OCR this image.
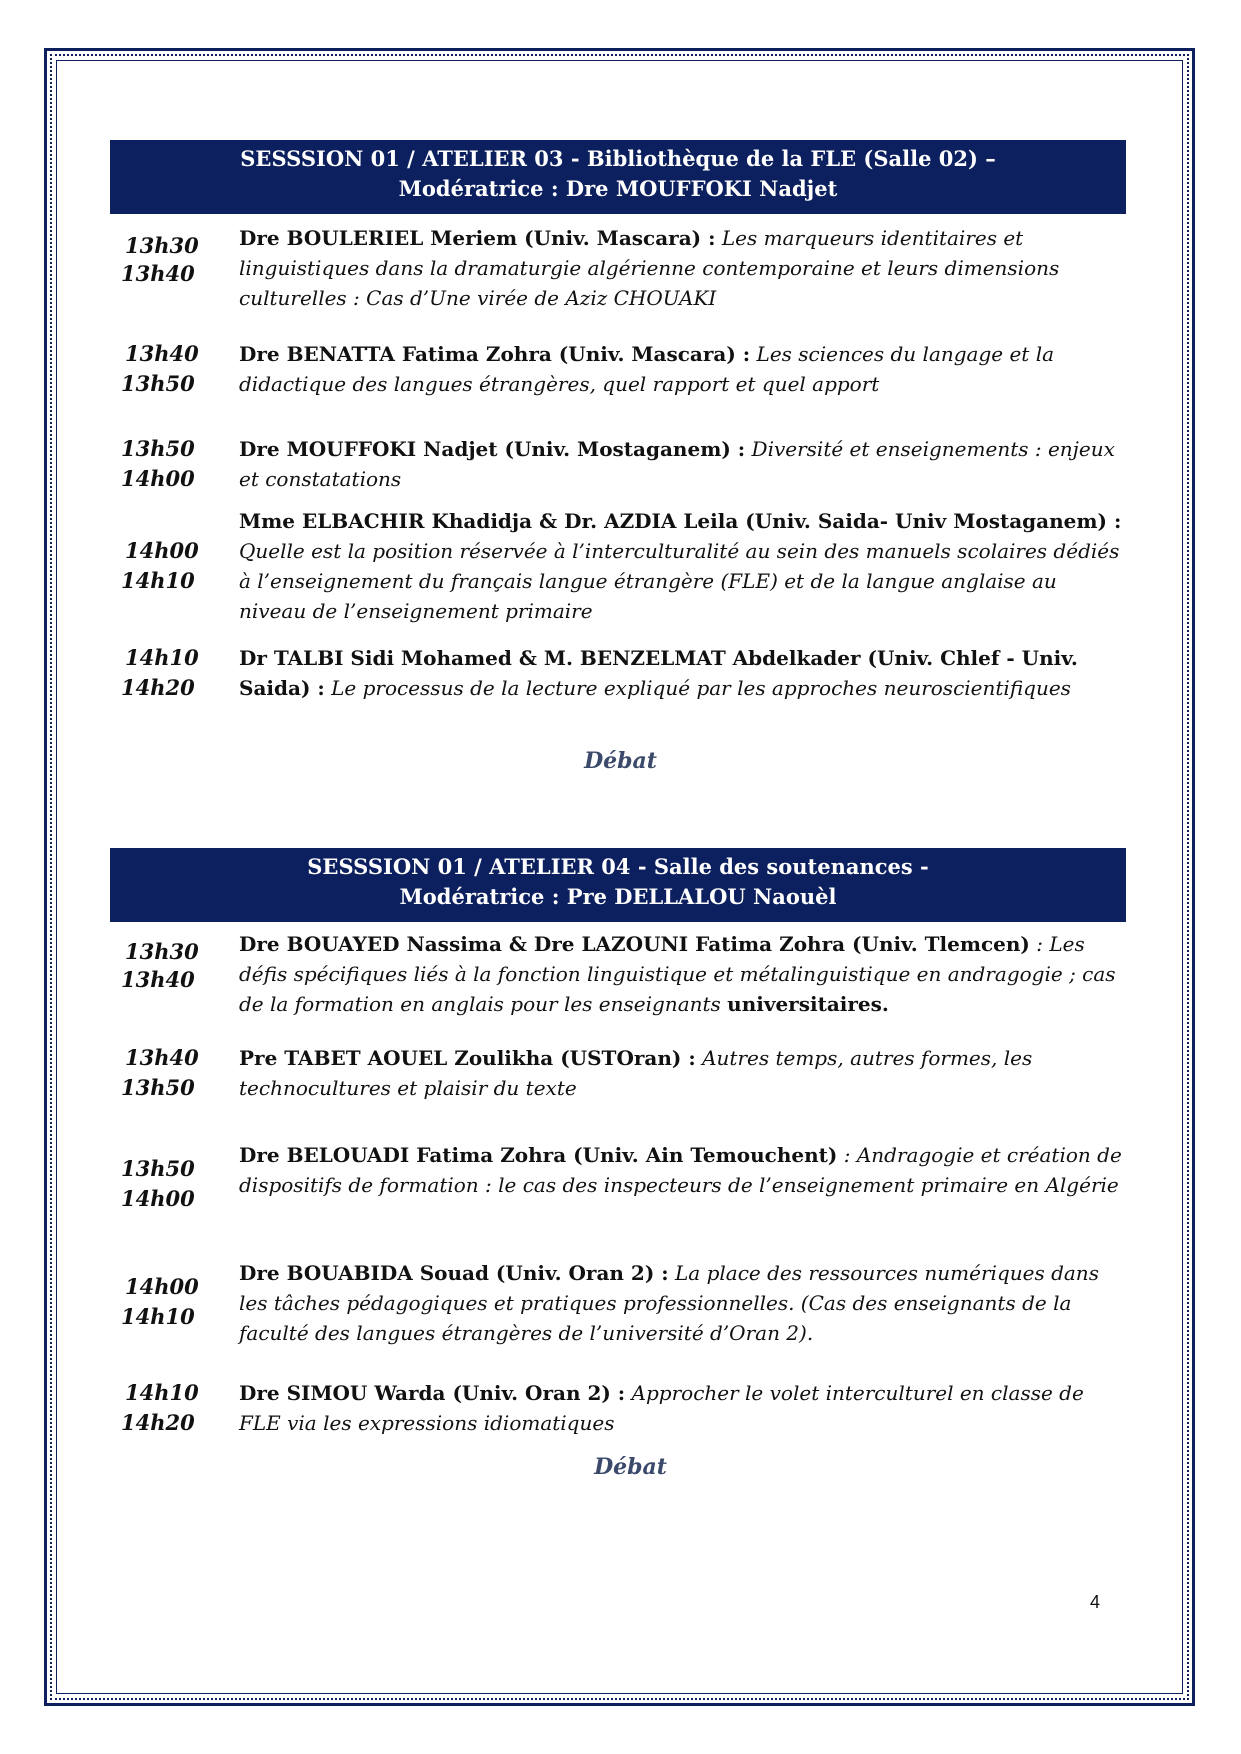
SESSSION 01 / ATELIER 03 - Bibliothèque de la FLE (Salle 02) –
Modératrice : Dre MOUFFOKI Nadjet
13h30
13h40
Dre BOULERIEL Meriem (Univ. Mascara) : Les marqueurs identitaires et linguistiques dans la dramaturgie algérienne contemporaine et leurs dimensions culturelles : Cas d’Une virée de Aziz CHOUAKI
13h40
13h50
Dre BENATTA Fatima Zohra (Univ. Mascara) : Les sciences du langage et la didactique des langues étrangères, quel rapport et quel apport
13h50
14h00
Dre MOUFFOKI Nadjet (Univ. Mostaganem) : Diversité et enseignements : enjeux et constatations
14h00
14h10
Mme ELBACHIR Khadidja & Dr. AZDIA Leila (Univ. Saida- Univ Mostaganem) : Quelle est la position réservée à l’interculturalité au sein des manuels scolaires dédiés à l’enseignement du français langue étrangère (FLE) et de la langue anglaise au niveau de l’enseignement primaire
14h10
14h20
Dr TALBI Sidi Mohamed & M. BENZELMAT Abdelkader (Univ. Chlef - Univ. Saida) : Le processus de la lecture expliqué par les approches neuroscientifiques
Débat
SESSSION 01 / ATELIER 04 - Salle des soutenances -
Modératrice : Pre DELLALOU Naouèl
13h30
13h40
Dre BOUAYED Nassima & Dre LAZOUNI Fatima Zohra (Univ. Tlemcen) : Les défis spécifiques liés à la fonction linguistique et métalinguistique en andragogie ; cas de la formation en anglais pour les enseignants universitaires.
13h40
13h50
Pre TABET AOUEL Zoulikha (USTOran) : Autres temps, autres formes, les technocultures et plaisir du texte
13h50
14h00
Dre BELOUADI Fatima Zohra (Univ. Ain Temouchent) : Andragogie et création de dispositifs de formation : le cas des inspecteurs de l’enseignement primaire en Algérie
14h00
14h10
Dre BOUABIDA Souad (Univ. Oran 2) : La place des ressources numériques dans les tâches pédagogiques et pratiques professionnelles. (Cas des enseignants de la faculté des langues étrangères de l’université d’Oran 2).
14h10
14h20
Dre SIMOU Warda (Univ. Oran 2) : Approcher le volet interculturel en classe de FLE via les expressions idiomatiques
Débat
4
